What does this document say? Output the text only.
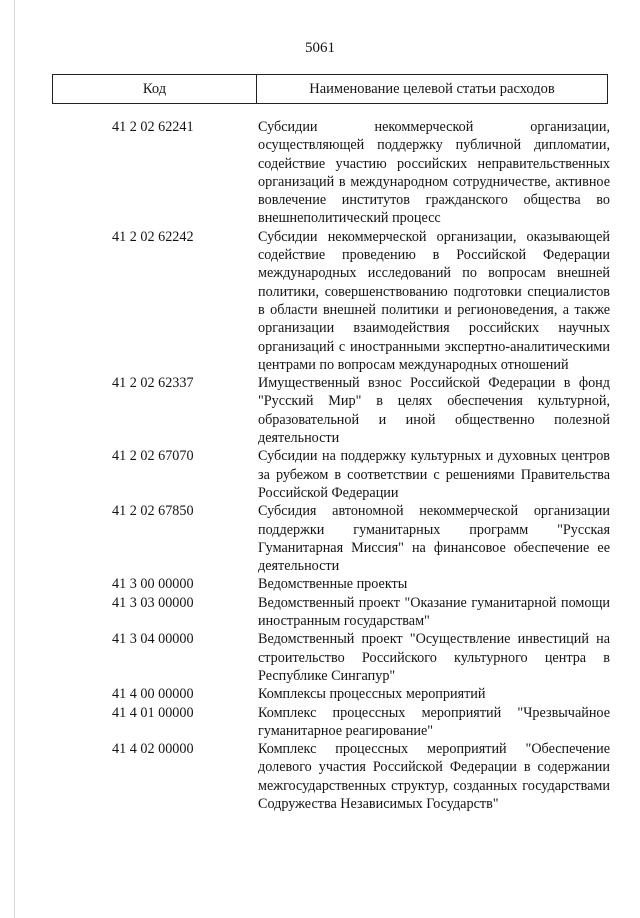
5061
Код	Наименование целевой статьи расходов
41 2 02 62241	Субсидии некоммерческой организации, осуществляющей поддержку публичной дипломатии, содействие участию российских неправительственных организаций в международном сотрудничестве, активное вовлечение институтов гражданского общества во внешнеполитический процесс
41 2 02 62242	Субсидии некоммерческой организации, оказывающей содействие проведению в Российской Федерации международных исследований по вопросам внешней политики, совершенствованию подготовки специалистов в области внешней политики и регионоведения, а также организации взаимодействия российских научных организаций с иностранными экспертно-аналитическими центрами по вопросам международных отношений
41 2 02 62337	Имущественный взнос Российской Федерации в фонд "Русский Мир" в целях обеспечения культурной, образовательной и иной общественно полезной деятельности
41 2 02 67070	Субсидии на поддержку культурных и духовных центров за рубежом в соответствии с решениями Правительства Российской Федерации
41 2 02 67850	Субсидия автономной некоммерческой организации поддержки гуманитарных программ "Русская Гуманитарная Миссия" на финансовое обеспечение ее деятельности
41 3 00 00000	Ведомственные проекты
41 3 03 00000	Ведомственный проект "Оказание гуманитарной помощи иностранным государствам"
41 3 04 00000	Ведомственный проект "Осуществление инвестиций на строительство Российского культурного центра в Республике Сингапур"
41 4 00 00000	Комплексы процессных мероприятий
41 4 01 00000	Комплекс процессных мероприятий "Чрезвычайное гуманитарное реагирование"
41 4 02 00000	Комплекс процессных мероприятий "Обеспечение долевого участия Российской Федерации в содержании межгосударственных структур, созданных государствами Содружества Независимых Государств"
